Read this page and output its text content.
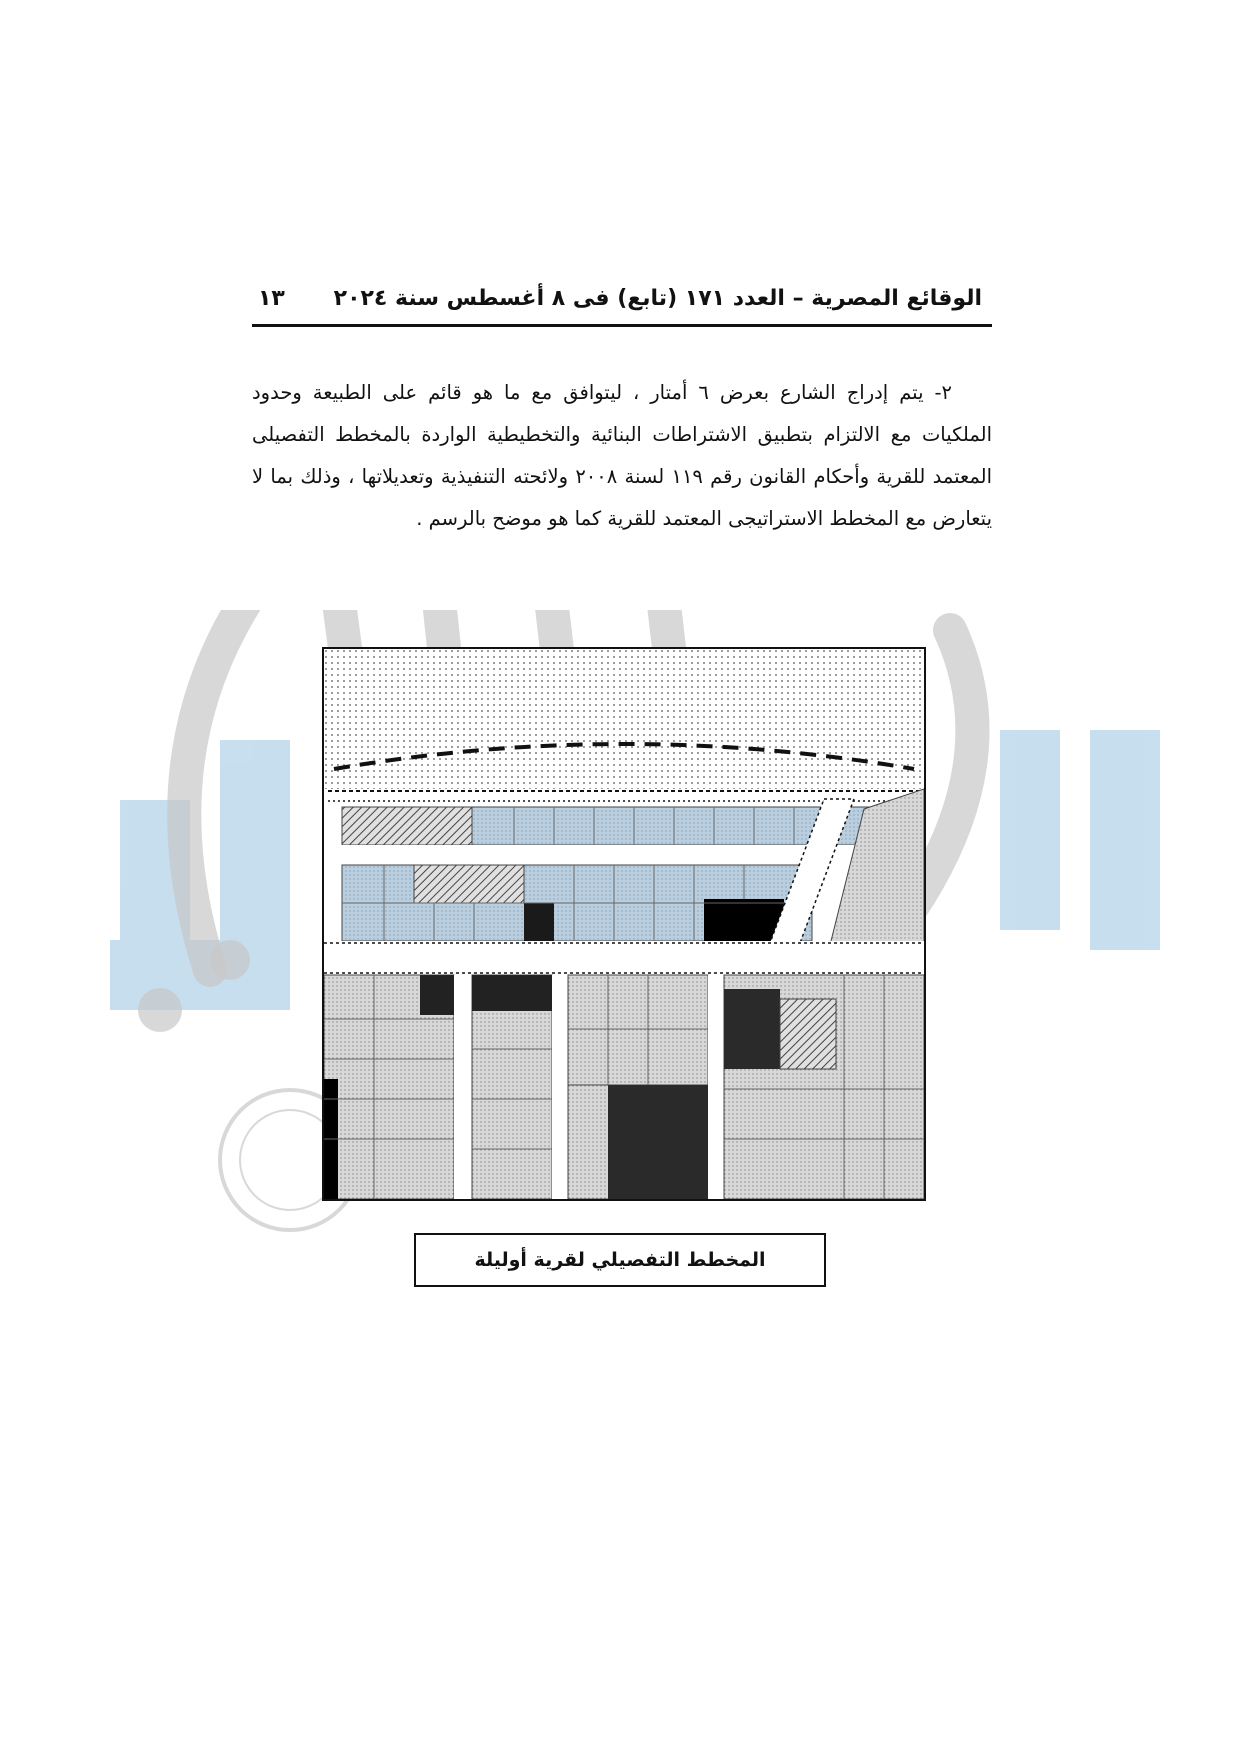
الوقائع المصرية – العدد ١٧١ (تابع) فى ٨ أغسطس سنة ٢٠٢٤
١٣

٢- يتم إدراج الشارع بعرض ٦ أمتار ، ليتوافق مع ما هو قائم على الطبيعة وحدود الملكيات مع الالتزام بتطبيق الاشتراطات البنائية والتخطيطية الواردة بالمخطط التفصيلى المعتمد للقرية وأحكام القانون رقم ١١٩ لسنة ٢٠٠٨ ولائحته التنفيذية وتعديلاتها ، وذلك بما لا يتعارض مع المخطط الاستراتيجى المعتمد للقرية كما هو موضح بالرسم .

المخطط التفصيلي لقرية أوليلة
